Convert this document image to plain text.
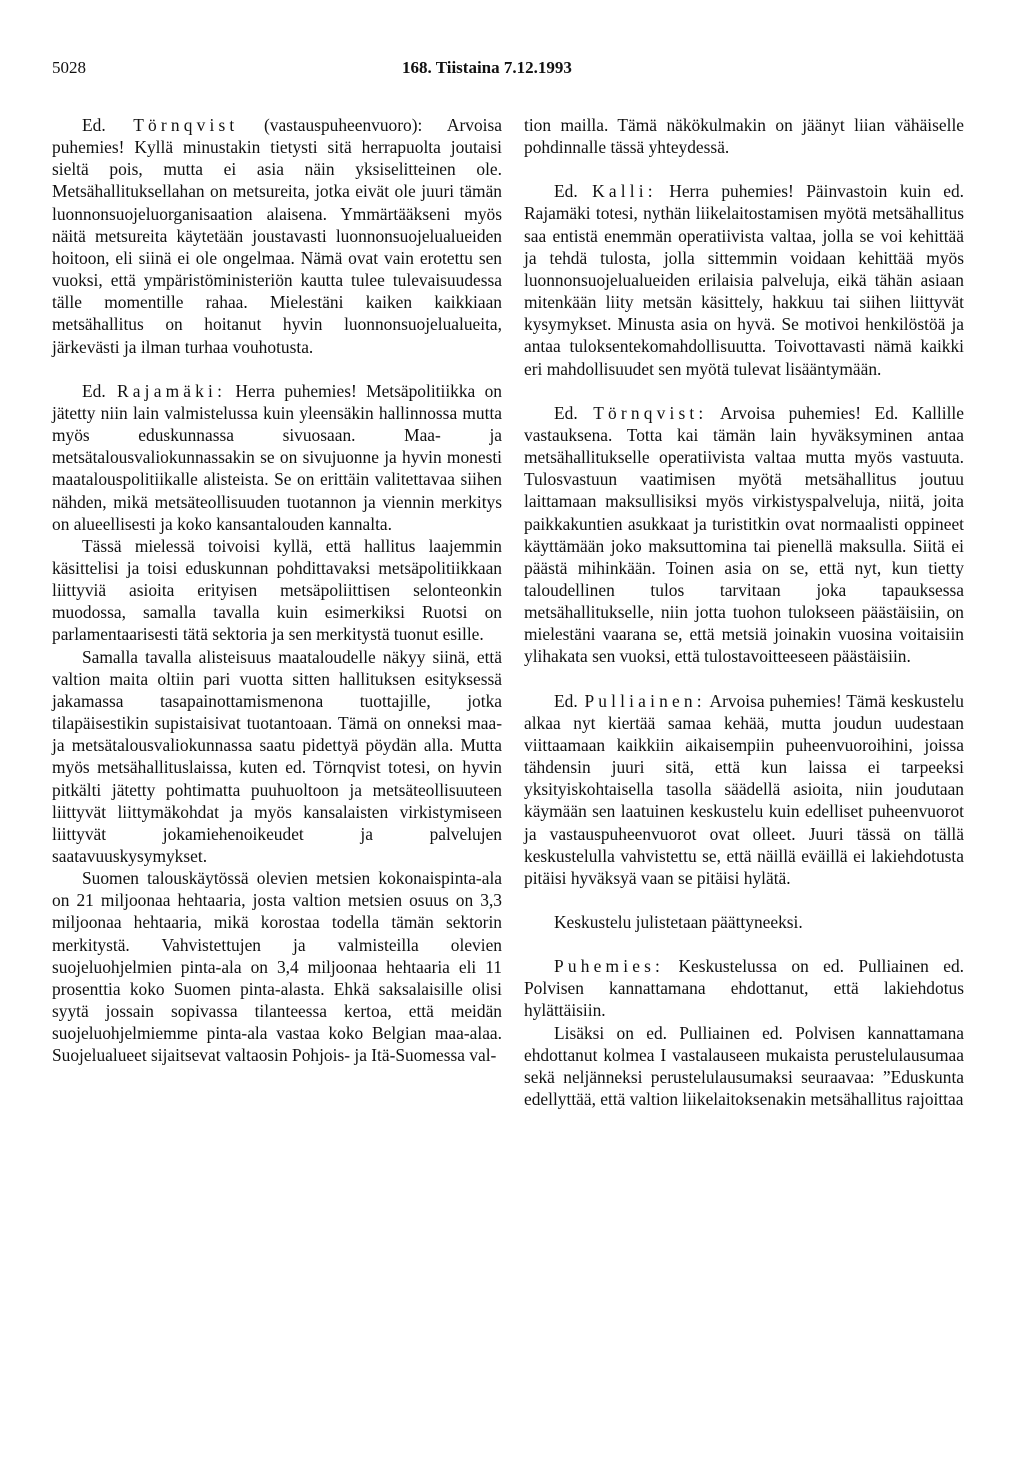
5028	168. Tiistaina 7.12.1993

Ed. Törnqvist (vastauspuheenvuoro): Arvoisa puhemies! Kyllä minustakin tietysti sitä herrapuolta joutaisi sieltä pois, mutta ei asia näin yksiselitteinen ole. Metsähallituksellahan on metsureita, jotka eivät ole juuri tämän luonnonsuojeluorganisaation alaisena. Ymmärtääkseni myös näitä metsureita käytetään joustavasti luonnonsuojelualueiden hoitoon, eli siinä ei ole ongelmaa. Nämä ovat vain erotettu sen vuoksi, että ympäristöministeriön kautta tulee tulevaisuudessa tälle momentille rahaa. Mielestäni kaiken kaikkiaan metsähallitus on hoitanut hyvin luonnonsuojelualueita, järkevästi ja ilman turhaa vouhotusta.

Ed. Rajamäki: Herra puhemies! Metsäpolitiikka on jätetty niin lain valmistelussa kuin yleensäkin hallinnossa mutta myös eduskunnassa sivuosaan. Maa- ja metsätalousvaliokunnassakin se on sivujuonne ja hyvin monesti maatalouspolitiikalle alisteista. Se on erittäin valitettavaa siihen nähden, mikä metsäteollisuuden tuotannon ja viennin merkitys on alueellisesti ja koko kansantalouden kannalta.

Tässä mielessä toivoisi kyllä, että hallitus laajemmin käsittelisi ja toisi eduskunnan pohdittavaksi metsäpolitiikkaan liittyviä asioita erityisen metsäpoliittisen selonteonkin muodossa, samalla tavalla kuin esimerkiksi Ruotsi on parlamentaarisesti tätä sektoria ja sen merkitystä tuonut esille.

Samalla tavalla alisteisuus maataloudelle näkyy siinä, että valtion maita oltiin pari vuotta sitten hallituksen esityksessä jakamassa tasapainottamismenona tuottajille, jotka tilapäisestikin supistaisivat tuotantoaan. Tämä on onneksi maa- ja metsätalousvaliokunnassa saatu pidettyä pöydän alla. Mutta myös metsähallituslaissa, kuten ed. Törnqvist totesi, on hyvin pitkälti jätetty pohtimatta puuhuoltoon ja metsäteollisuuteen liittyvät liittymäkohdat ja myös kansalaisten virkistymiseen liittyvät jokamiehenoikeudet ja palvelujen saatavuuskysymykset.

Suomen talouskäytössä olevien metsien kokonaispinta-ala on 21 miljoonaa hehtaaria, josta valtion metsien osuus on 3,3 miljoonaa hehtaaria, mikä korostaa todella tämän sektorin merkitystä. Vahvistettujen ja valmisteilla olevien suojeluohjelmien pinta-ala on 3,4 miljoonaa hehtaaria eli 11 prosenttia koko Suomen pinta-alasta. Ehkä saksalaisille olisi syytä jossain sopivassa tilanteessa kertoa, että meidän suojeluohjelmiemme pinta-ala vastaa koko Belgian maa-alaa. Suojelualueet sijaitsevat valtaosin Pohjois- ja Itä-Suomessa val-

tion mailla. Tämä näkökulmakin on jäänyt liian vähäiselle pohdinnalle tässä yhteydessä.

Ed. Kalli: Herra puhemies! Päinvastoin kuin ed. Rajamäki totesi, nythän liikelaitostamisen myötä metsähallitus saa entistä enemmän operatiivista valtaa, jolla se voi kehittää ja tehdä tulosta, jolla sittemmin voidaan kehittää myös luonnonsuojelualueiden erilaisia palveluja, eikä tähän asiaan mitenkään liity metsän käsittely, hakkuu tai siihen liittyvät kysymykset. Minusta asia on hyvä. Se motivoi henkilöstöä ja antaa tuloksentekomahdollisuutta. Toivottavasti nämä kaikki eri mahdollisuudet sen myötä tulevat lisääntymään.

Ed. Törnqvist: Arvoisa puhemies! Ed. Kallille vastauksena. Totta kai tämän lain hyväksyminen antaa metsähallitukselle operatiivista valtaa mutta myös vastuuta. Tulosvastuun vaatimisen myötä metsähallitus joutuu laittamaan maksullisiksi myös virkistyspalveluja, niitä, joita paikkakuntien asukkaat ja turistitkin ovat normaalisti oppineet käyttämään joko maksuttomina tai pienellä maksulla. Siitä ei päästä mihinkään. Toinen asia on se, että nyt, kun tietty taloudellinen tulos tarvitaan joka tapauksessa metsähallitukselle, niin jotta tuohon tulokseen päästäisiin, on mielestäni vaarana se, että metsiä joinakin vuosina voitaisiin ylihakata sen vuoksi, että tulostavoitteeseen päästäisiin.

Ed. Pulliainen: Arvoisa puhemies! Tämä keskustelu alkaa nyt kiertää samaa kehää, mutta joudun uudestaan viittaamaan kaikkiin aikaisempiin puheenvuoroihini, joissa tähdensin juuri sitä, että kun laissa ei tarpeeksi yksityiskohtaisella tasolla säädellä asioita, niin joudutaan käymään sen laatuinen keskustelu kuin edelliset puheenvuorot ja vastauspuheenvuorot ovat olleet. Juuri tässä on tällä keskustelulla vahvistettu se, että näillä eväillä ei lakiehdotusta pitäisi hyväksyä vaan se pitäisi hylätä.

Keskustelu julistetaan päättyneeksi.

Puhemies: Keskustelussa on ed. Pulliainen ed. Polvisen kannattamana ehdottanut, että lakiehdotus hylättäisiin.

Lisäksi on ed. Pulliainen ed. Polvisen kannattamana ehdottanut kolmea I vastalauseen mukaista perustelulausumaa sekä neljänneksi perustelulausumaksi seuraavaa: ”Eduskunta edellyttää, että valtion liikelaitoksenakin metsähallitus rajoittaa
